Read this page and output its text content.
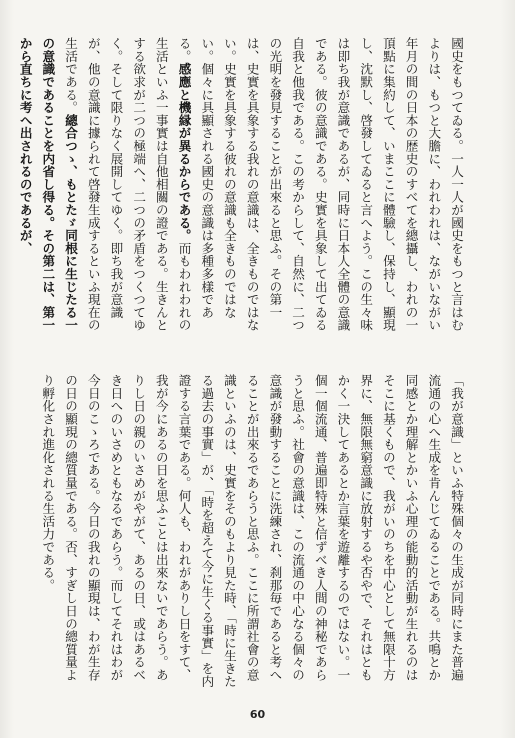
國史をもつてゐる。一人一人が國史をもつと言はむよりは、もつと大膽に、われわれは、ながいながい年月の間の日本の歴史のすべてを總攝し、われの一頂點に集約して、いまここに體驗し、保持し、顯現し、沈默し、啓發してゐると言へよう。この生々味は即ち我が意識であるが、同時に日本人全體の意識である。彼の意識である。史實を具象して出てゐる自我と他我である。この考からして、自然に、二つの光明を發見することが出來ると思ふ。その第一は、史實を具象する我れの意識は、全きものではない。史實を具象する彼れの意識も全きものではない。個々に具顯される國史の意識は多種多樣である。感應と機縁が異るからである。而もわれわれの生活といふ一事實は自他相關の證である。生きんとする欲求が二つの極端へ、二つの矛盾をつくつてゆく。そして限りなく展開してゆく。即ち我が意識が、他の意識に據られて啓發生成するといふ現在の生活である。總合つゝ、もとたゞ同根に生じたる一の意識であることを内省し得る。その第二は、第一から直ちに考へ出されるのであるが、
「我が意識」といふ特殊個々の生成が同時にまた普遍流通の心へ生成を肯んじてゐることである。共鳴とか同感とか理解とかいふ心理の能動的活動が生れるのはそこに基くもので、我がいのちを中心として無限十方界に、無限無窮意識に放射するや否やで、それはともかく一決してあるとか言葉を遊離するのではない。一個一個流通、普遍即特殊と信ずべき人間の神秘であらうと思ふ。社會の意識は、この流通の中心なる個々の意識が發動することに洗練され、刹那毎であると考へることが出來るであらうと思ふ。ここに所謂社會の意識といふのは、史實をそのもより見た時、「時に生きたる過去の事實」が、「時を超えて今に生くる事實」を内證する言葉である。何人も、われがありし日をすて、我が今にあるの日を思ふことは出來ないであらう。ありし日の親のいさめがやがて、あるの日、或はあるべき日へのいさめともなるであらう。而してそれはわが今日のこゝろである。今日の我れの顯現は、わが生存の日の顯現の總質量である。否、すぎし日の總質量より孵化され進化される生活力である。
60
